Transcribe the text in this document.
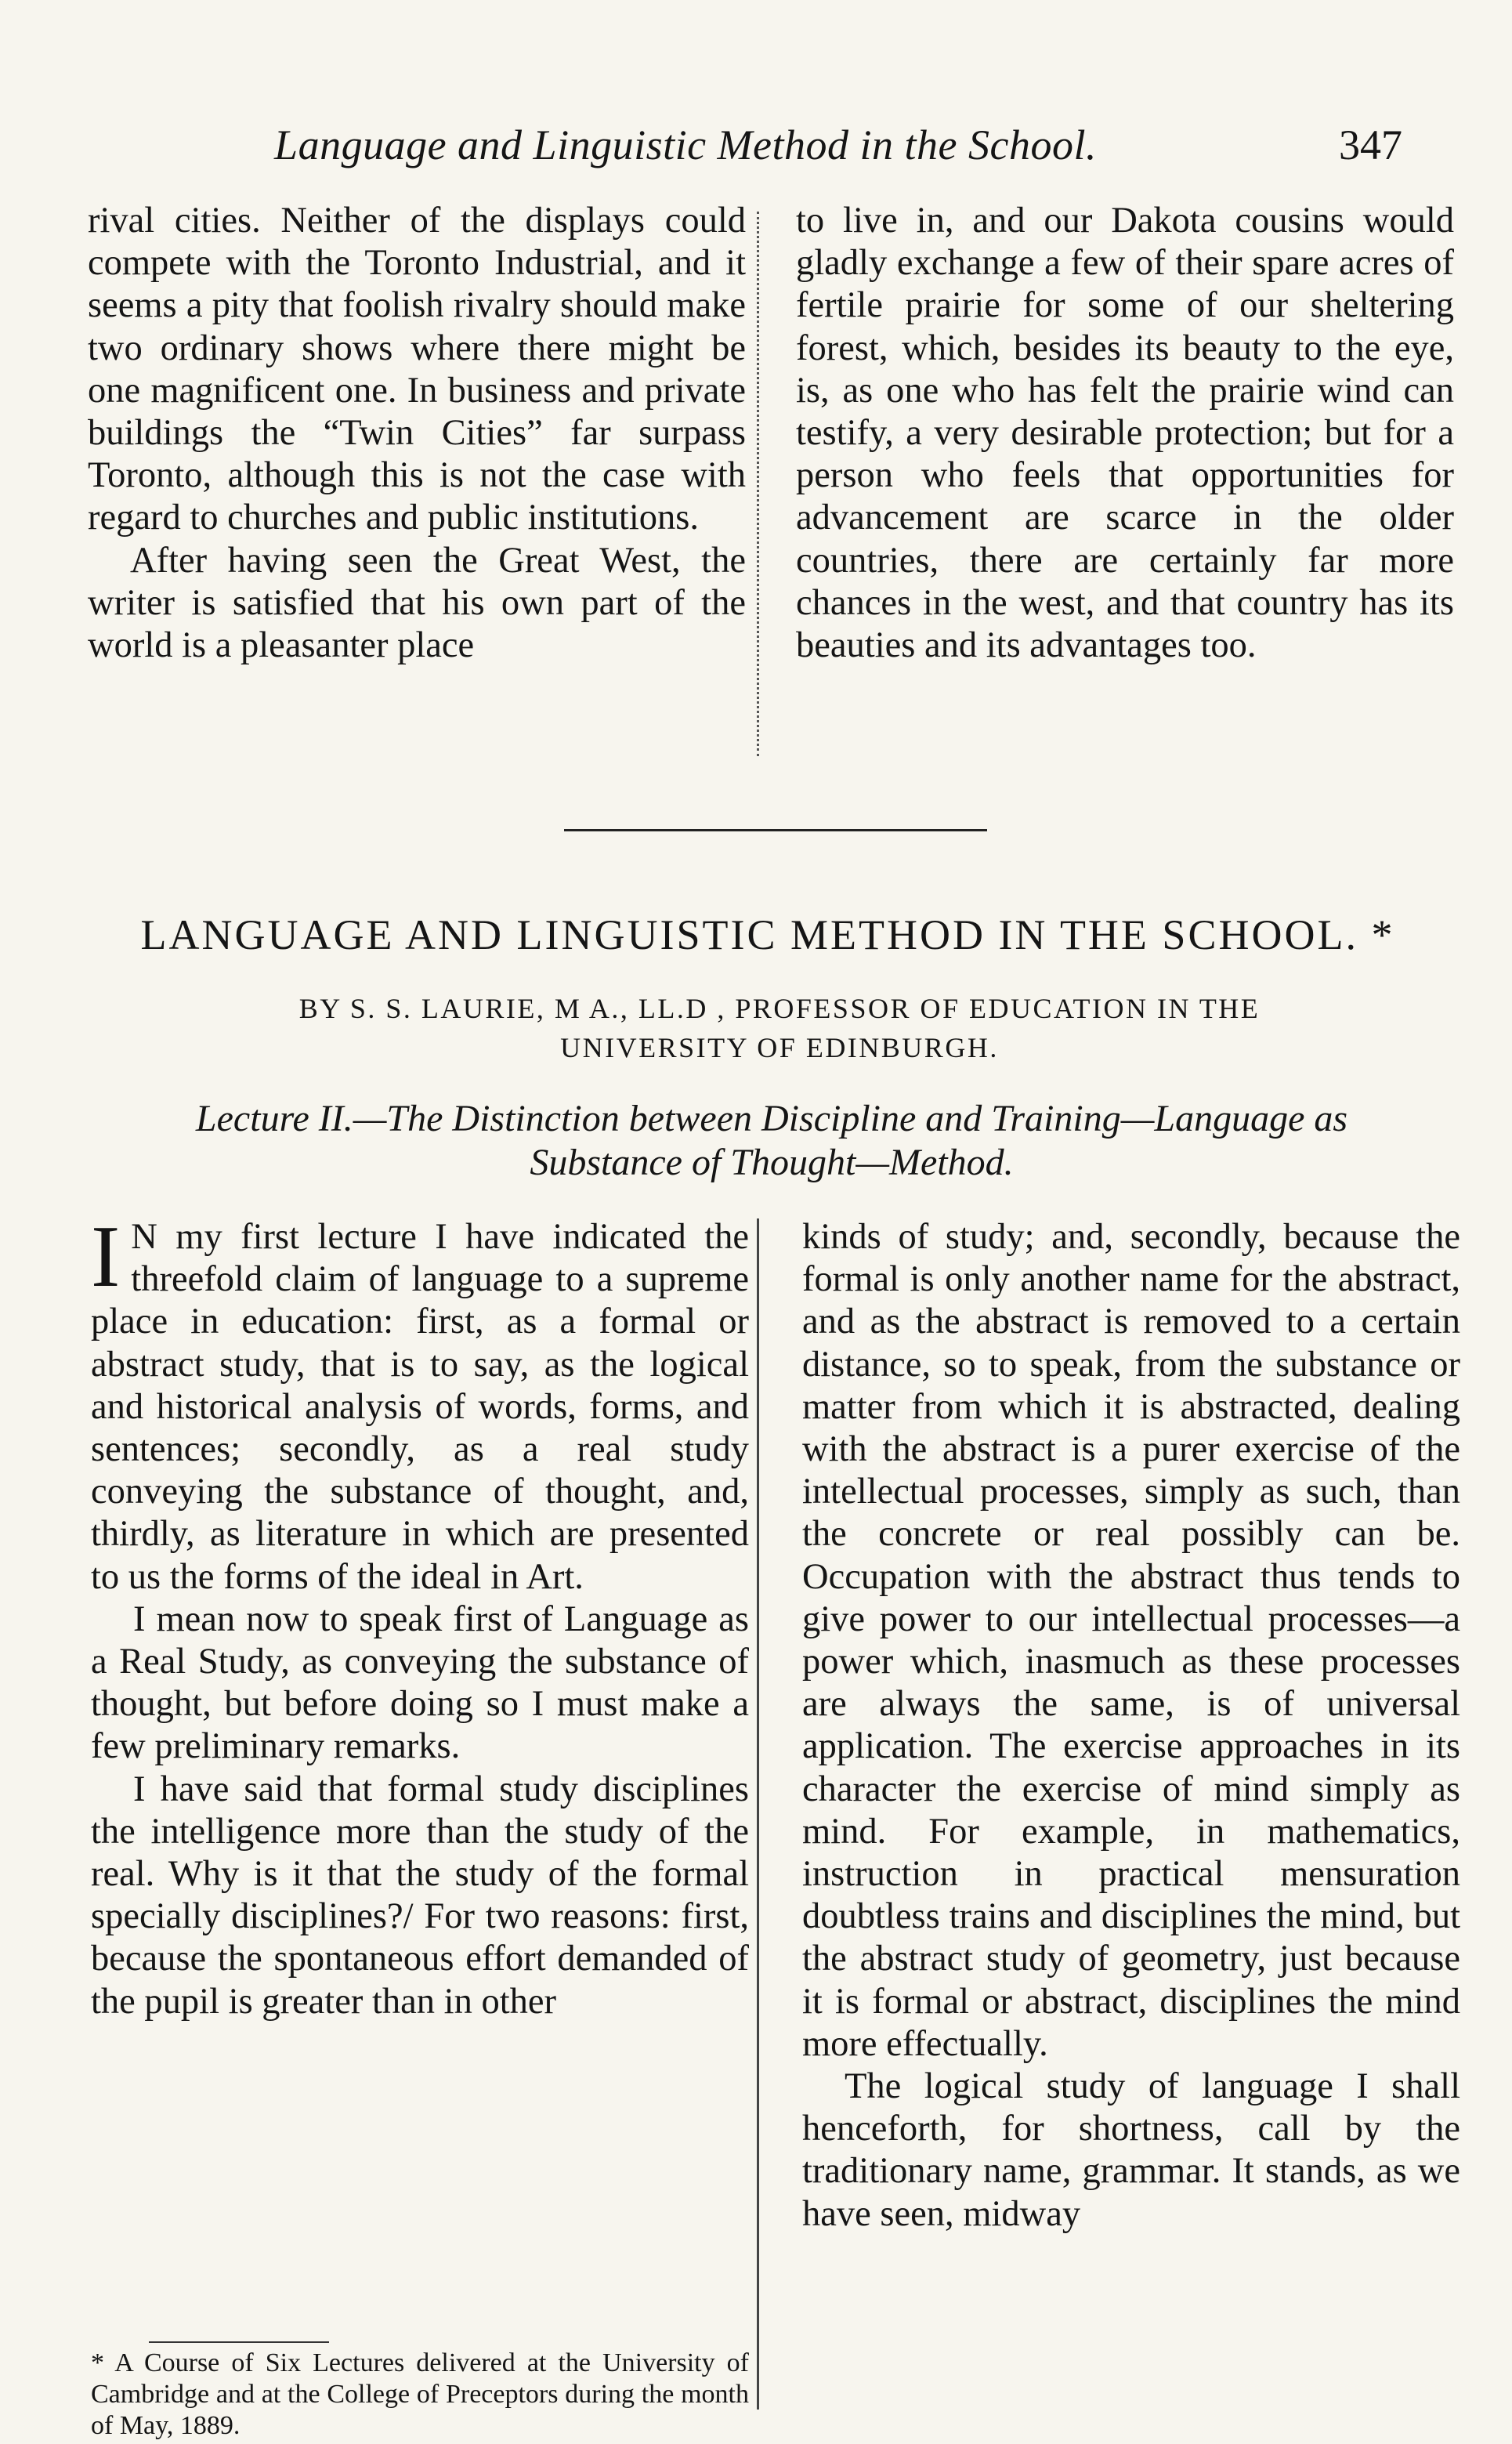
Language and Linguistic Method in the School.	347

rival cities. Neither of the displays could compete with the Toronto Industrial, and it seems a pity that foolish rivalry should make two ordinary shows where there might be one magnificent one. In business and private buildings the “Twin Cities” far surpass Toronto, although this is not the case with regard to churches and public institutions.

After having seen the Great West, the writer is satisfied that his own part of the world is a pleasanter place

to live in, and our Dakota cousins would gladly exchange a few of their spare acres of fertile prairie for some of our sheltering forest, which, besides its beauty to the eye, is, as one who has felt the prairie wind can testify, a very desirable protection; but for a person who feels that opportunities for advancement are scarce in the older countries, there are certainly far more chances in the west, and that country has its beauties and its advantages too.

LANGUAGE AND LINGUISTIC METHOD IN THE SCHOOL. *
BY S. S. LAURIE, M A., LL.D , PROFESSOR OF EDUCATION IN THE
UNIVERSITY OF EDINBURGH.
Lecture II.—The Distinction between Discipline and Training—Language as
Substance of Thought—Method.

I N my first lecture I have indicated the threefold claim of language to a supreme place in education: first, as a formal or abstract study, that is to say, as the logical and historical analysis of words, forms, and sentences; secondly, as a real study conveying the substance of thought, and, thirdly, as literature in which are presented to us the forms of the ideal in Art.

I mean now to speak first of Language as a Real Study, as conveying the substance of thought, but before doing so I must make a few preliminary remarks.

I have said that formal study disciplines the intelligence more than the study of the real. Why is it that the study of the formal specially disciplines?/ For two reasons: first, because the spontaneous effort demanded of the pupil is greater than in other

kinds of study; and, secondly, because the formal is only another name for the abstract, and as the abstract is removed to a certain distance, so to speak, from the substance or matter from which it is abstracted, dealing with the abstract is a purer exercise of the intellectual processes, simply as such, than the concrete or real possibly can be. Occupation with the abstract thus tends to give power to our intellectual processes—a power which, inasmuch as these processes are always the same, is of universal application. The exercise approaches in its character the exercise of mind simply as mind. For example, in mathematics, instruction in practical mensuration doubtless trains and disciplines the mind, but the abstract study of geometry, just because it is formal or abstract, disciplines the mind more effectually.

The logical study of language I shall henceforth, for shortness, call by the traditionary name, grammar. It stands, as we have seen, midway

* A Course of Six Lectures delivered at the University of Cambridge and at the College of Preceptors during the month of May, 1889.
